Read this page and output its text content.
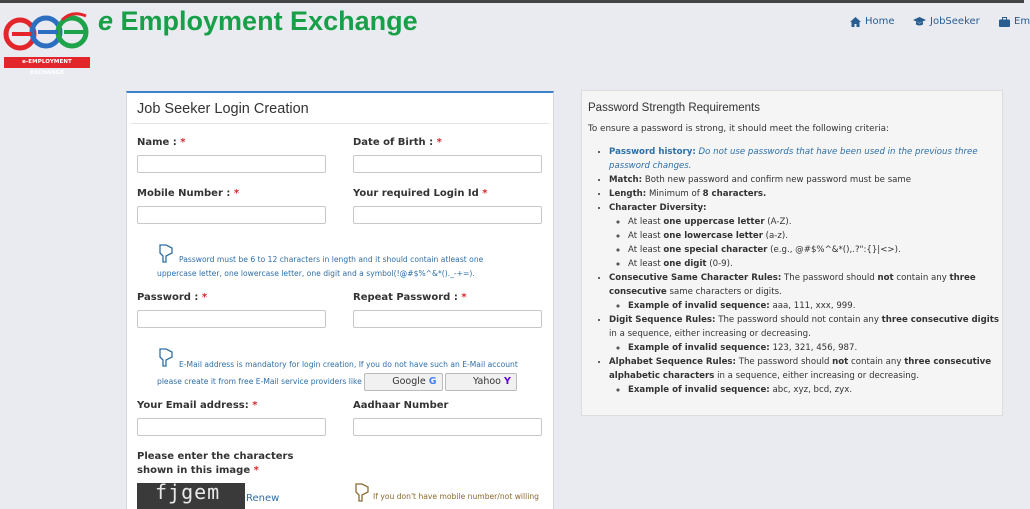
e-EMPLOYMENT EXCHANGE
e Employment Exchange	Home	JobSeeker	Em
Job Seeker Login Creation
Name : *	Date of Birth : *
Mobile Number : *	Your required Login Id *
Password must be 6 to 12 characters in length and it should contain atleast one uppercase letter, one lowercase letter, one digit and a symbol(!@#$%^&*()._-+=).
Password : *	Repeat Password : *
E-Mail address is mandatory for login creation, If you do not have such an E-Mail account please create it from free E-Mail service providers like	Google G	Yahoo Y
Your Email address: *	Aadhaar Number
Please enter the characters shown in this image *
fjgem	Renew	If you don't have mobile number/not willing
Password Strength Requirements
To ensure a password is strong, it should meet the following criteria:
• Password history: Do not use passwords that have been used in the previous three password changes.
• Match: Both new password and confirm new password must be same
• Length: Minimum of 8 characters.
• Character Diversity:
◦ At least one uppercase letter (A-Z).
◦ At least one lowercase letter (a-z).
◦ At least one special character (e.g., @#$%^&*(),.?":{}|<>).
◦ At least one digit (0-9).
• Consecutive Same Character Rules: The password should not contain any three consecutive same characters or digits.
◦ Example of invalid sequence: aaa, 111, xxx, 999.
• Digit Sequence Rules: The password should not contain any three consecutive digits in a sequence, either increasing or decreasing.
◦ Example of invalid sequence: 123, 321, 456, 987.
• Alphabet Sequence Rules: The password should not contain any three consecutive alphabetic characters in a sequence, either increasing or decreasing.
◦ Example of invalid sequence: abc, xyz, bcd, zyx.
